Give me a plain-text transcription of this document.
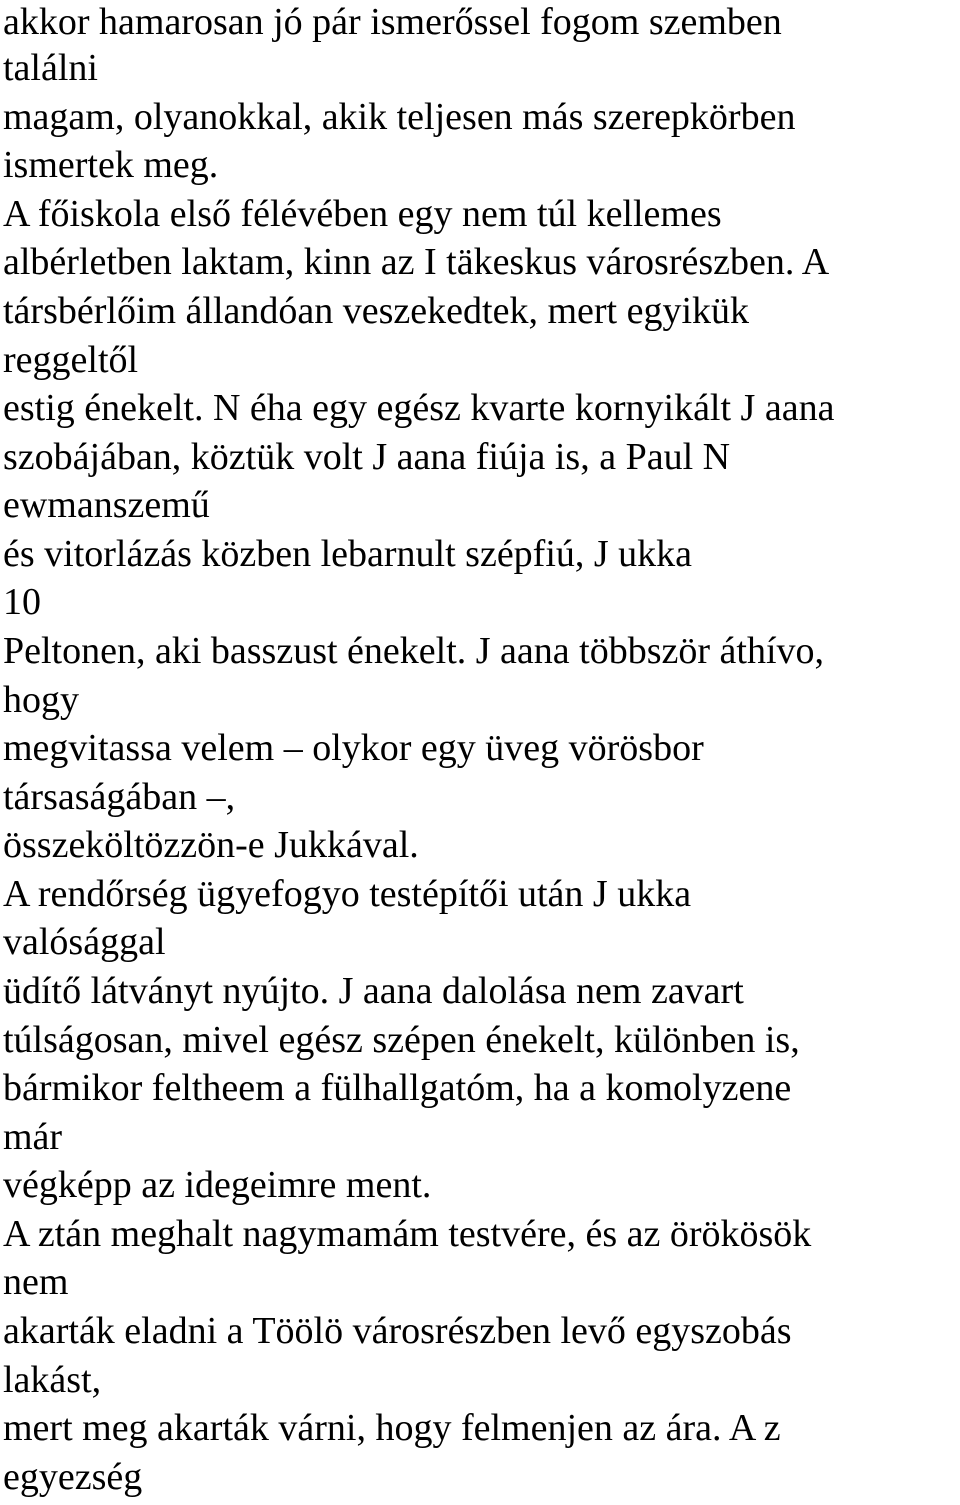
akkor hamarosan jó pár ismerőssel fogom szemben
találni
magam, olyanokkal, akik teljesen más szerepkörben
ismertek meg.
A főiskola első félévében egy nem túl kellemes
albérletben laktam, kinn az I täkeskus városrészben. A
társbérlőim állandóan veszekedtek, mert egyikük
reggeltől
estig énekelt. N éha egy egész kvarte kornyikált J aana
szobájában, köztük volt J aana fiúja is, a Paul N
ewmanszemű
és vitorlázás közben lebarnult szépfiú, J ukka
10
Peltonen, aki basszust énekelt. J aana többször áthívo,
hogy
megvitassa velem – olykor egy üveg vörösbor
társaságában –,
összeköltözzön-e Jukkával.
A rendőrség ügyefogyo testépítői után J ukka
valósággal
üdítő látványt nyújto. J aana dalolása nem zavart
túlságosan, mivel egész szépen énekelt, különben is,
bármikor feltheem a fülhallgatóm, ha a komolyzene
már
végképp az idegeimre ment.
A ztán meghalt nagymamám testvére, és az örökösök
nem
akarták eladni a Töölö városrészben levő egyszobás
lakást,
mert meg akarták várni, hogy felmenjen az ára. A z
egyezség
